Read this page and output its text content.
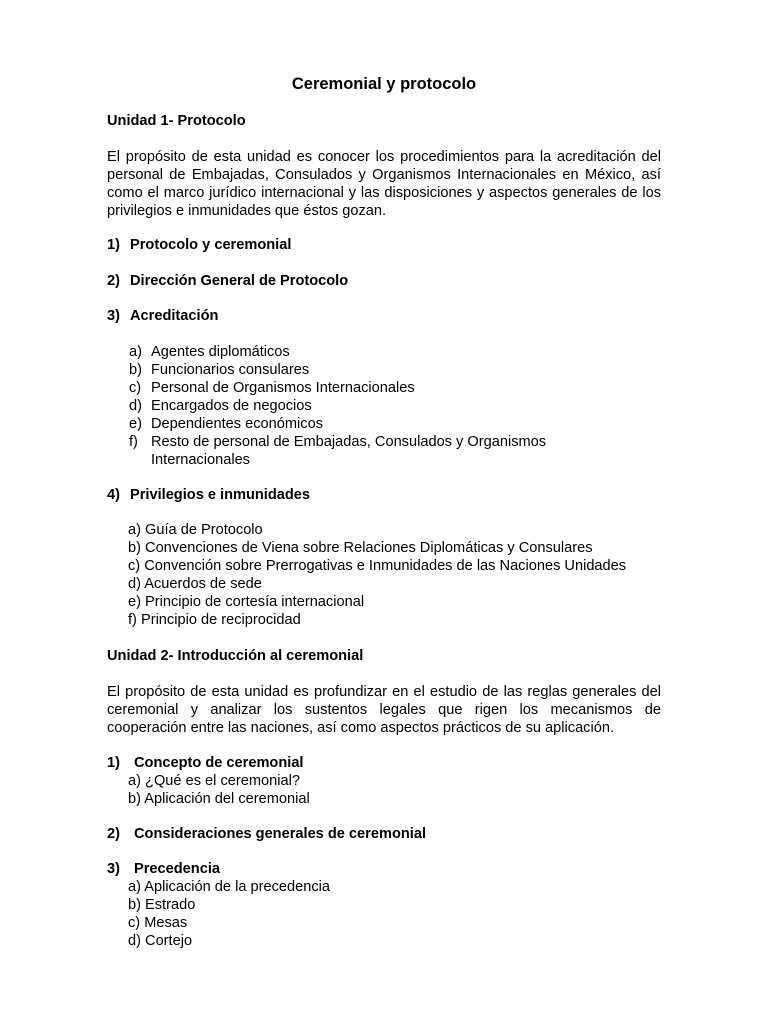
Ceremonial y protocolo
Unidad 1- Protocolo
El propósito de esta unidad es conocer los procedimientos para la acreditación del personal de Embajadas, Consulados y Organismos Internacionales en México, así como el marco jurídico internacional y las disposiciones y aspectos generales de los privilegios e inmunidades que éstos gozan.
1) Protocolo y ceremonial
2) Dirección General de Protocolo
3) Acreditación
a) Agentes diplomáticos
b) Funcionarios consulares
c) Personal de Organismos Internacionales
d) Encargados de negocios
e) Dependientes económicos
f) Resto de personal de Embajadas, Consulados y Organismos Internacionales
4) Privilegios e inmunidades
a) Guía de Protocolo
b) Convenciones de Viena sobre Relaciones Diplomáticas y Consulares
c) Convención sobre Prerrogativas e Inmunidades de las Naciones Unidades
d) Acuerdos de sede
e) Principio de cortesía internacional
f) Principio de reciprocidad
Unidad 2- Introducción al ceremonial
El propósito de esta unidad es profundizar en el estudio de las reglas generales del ceremonial y analizar los sustentos legales que rigen los mecanismos de cooperación entre las naciones, así como aspectos prácticos de su aplicación.
1) Concepto de ceremonial
a) ¿Qué es el ceremonial?
b) Aplicación del ceremonial
2) Consideraciones generales de ceremonial
3) Precedencia
a) Aplicación de la precedencia
b) Estrado
c) Mesas
d) Cortejo
